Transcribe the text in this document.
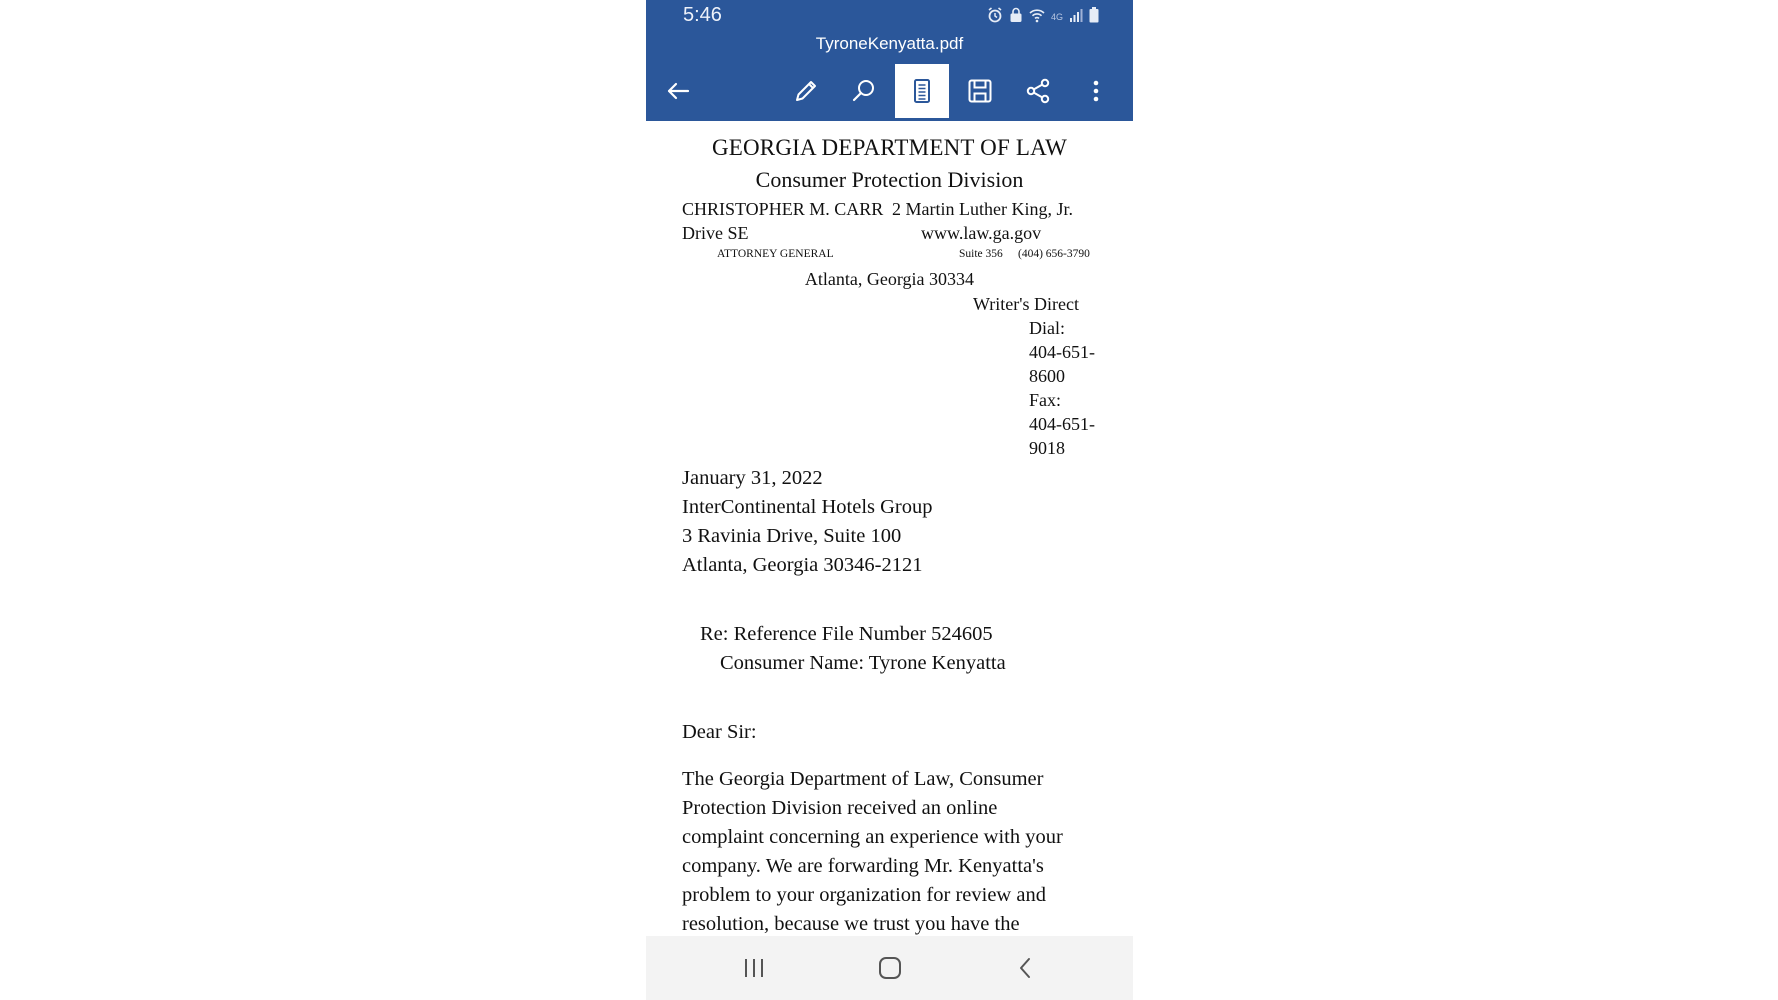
5:46	4G
TyroneKenyatta.pdf
GEORGIA DEPARTMENT OF LAW
Consumer Protection Division
CHRISTOPHER M. CARR 2 Martin Luther King, Jr.
Drive SE	www.law.ga.gov
ATTORNEY GENERAL	Suite 356 (404) 656-3790
Atlanta, Georgia 30334
Writer's Direct
Dial:
404-651-
8600
Fax:
404-651-
9018
January 31, 2022
InterContinental Hotels Group
3 Ravinia Drive, Suite 100
Atlanta, Georgia 30346-2121
Re: Reference File Number 524605
Consumer Name: Tyrone Kenyatta
Dear Sir:
The Georgia Department of Law, Consumer
Protection Division received an online
complaint concerning an experience with your
company. We are forwarding Mr. Kenyatta's
problem to your organization for review and
resolution, because we trust you have the
